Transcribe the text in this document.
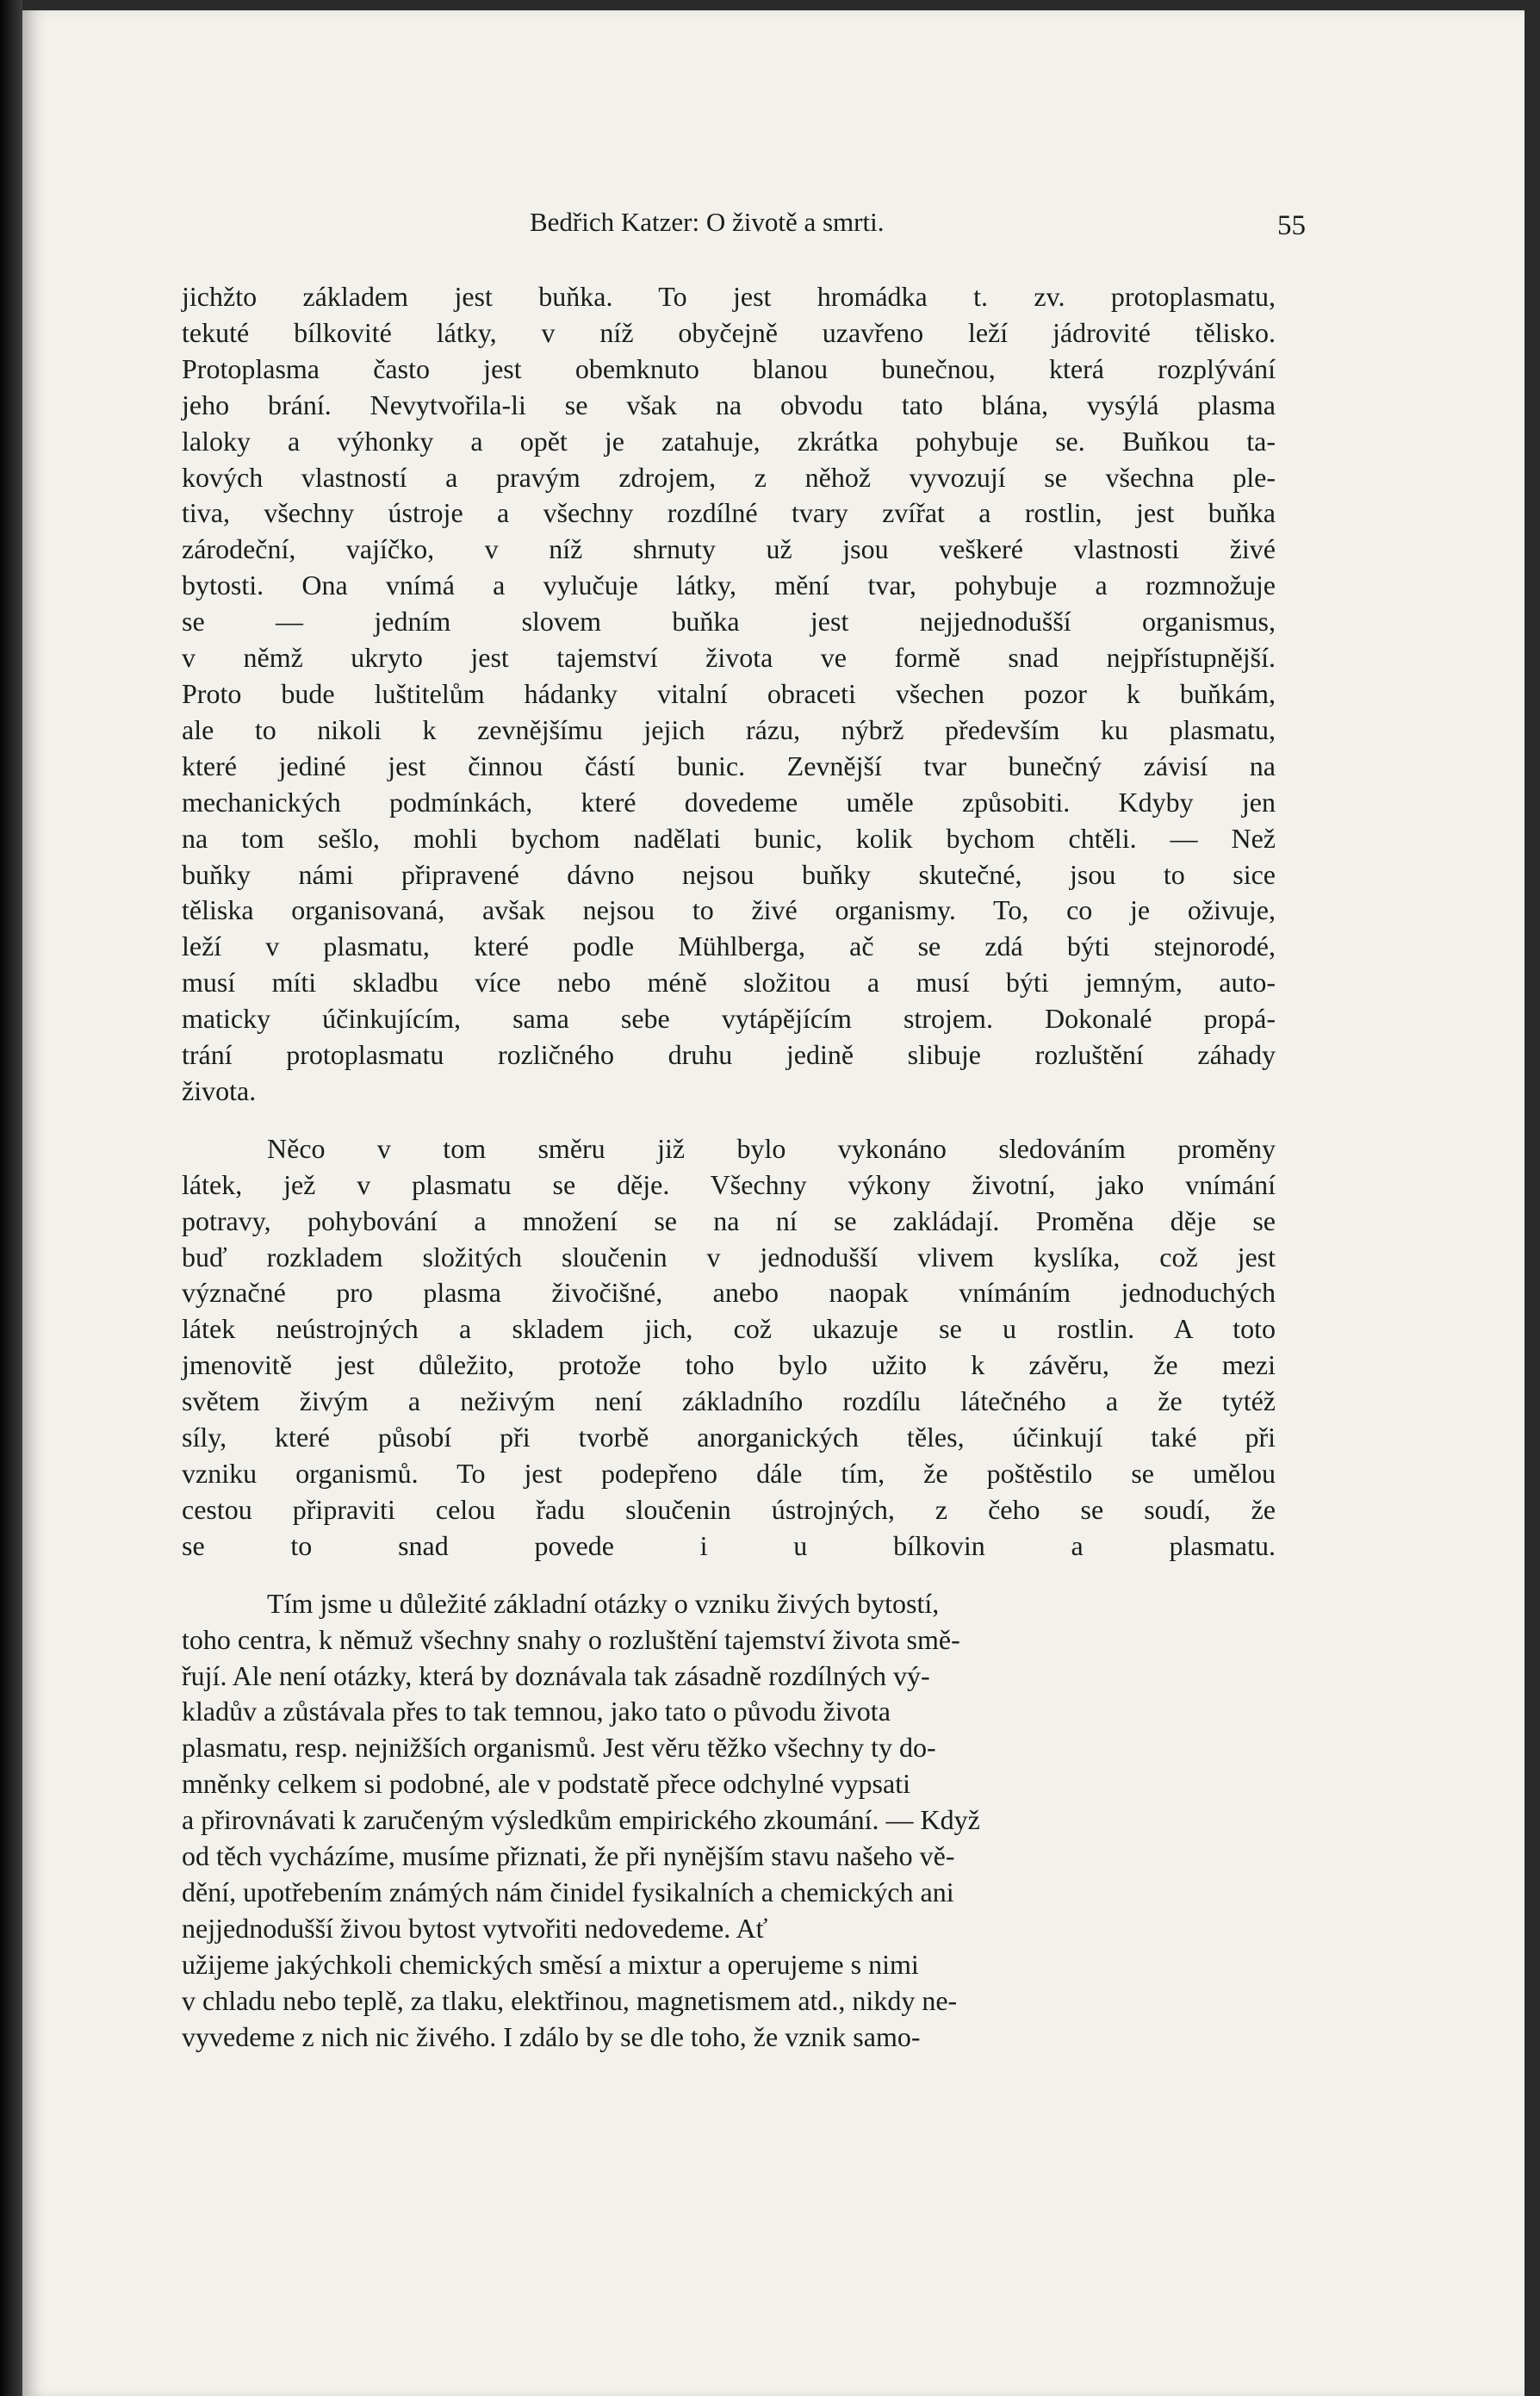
Bedřich Katzer: O životě a smrti.	55

jichžto základem jest buňka. To jest hromádka t. zv. protoplasmatu,
tekuté bílkovité látky, v níž obyčejně uzavřeno leží jádrovité tělisko.
Protoplasma často jest obemknuto blanou bunečnou, která rozplývání
jeho brání. Nevytvořila-li se však na obvodu tato blána, vysýlá plasma
laloky a výhonky a opět je zatahuje, zkrátka pohybuje se. Buňkou ta-
kových vlastností a pravým zdrojem, z něhož vyvozují se všechna ple-
tiva, všechny ústroje a všechny rozdílné tvary zvířat a rostlin, jest buňka
zárodeční, vajíčko, v níž shrnuty už jsou veškeré vlastnosti živé
bytosti. Ona vnímá a vylučuje látky, mění tvar, pohybuje a rozmnožuje
se — jedním slovem buňka jest nejjednodušší organismus,
v němž ukryto jest tajemství života ve formě snad nejpřístupnější.
Proto bude luštitelům hádanky vitalní obraceti všechen pozor k buňkám,
ale to nikoli k zevnějšímu jejich rázu, nýbrž především ku plasmatu,
které jediné jest činnou částí bunic. Zevnější tvar bunečný závisí na
mechanických podmínkách, které dovedeme uměle způsobiti. Kdyby jen
na tom sešlo, mohli bychom nadělati bunic, kolik bychom chtěli. — Než
buňky námi připravené dávno nejsou buňky skutečné, jsou to sice
těliska organisovaná, avšak nejsou to živé organismy. To, co je oživuje,
leží v plasmatu, které podle Mühlberga, ač se zdá býti stejnorodé,
musí míti skladbu více nebo méně složitou a musí býti jemným, auto-
maticky účinkujícím, sama sebe vytápějícím strojem. Dokonalé propá-
trání protoplasmatu rozličného druhu jedině slibuje rozluštění záhady
života.

Něco v tom směru již bylo vykonáno sledováním proměny
látek, jež v plasmatu se děje. Všechny výkony životní, jako vnímání
potravy, pohybování a množení se na ní se zakládají. Proměna děje se
buď rozkladem složitých sloučenin v jednodušší vlivem kyslíka, což jest
význačné pro plasma živočišné, anebo naopak vnímáním jednoduchých
látek neústrojných a skladem jich, což ukazuje se u rostlin. A toto
jmenovitě jest důležito, protože toho bylo užito k závěru, že mezi
světem živým a neživým není základního rozdílu látečného a že tytéž
síly, které působí při tvorbě anorganických těles, účinkují také při
vzniku organismů. To jest podepřeno dále tím, že poštěstilo se umělou
cestou připraviti celou řadu sloučenin ústrojných, z čeho se soudí, že
se to snad povede i u bílkovin a plasmatu.

Tím jsme u důležité základní otázky o vzniku živých bytostí,
toho centra, k němuž všechny snahy o rozluštění tajemství života smě-
řují. Ale není otázky, která by doznávala tak zásadně rozdílných vý-
kladův a zůstávala přes to tak temnou, jako tato o původu života
plasmatu, resp. nejnižších organismů. Jest věru těžko všechny ty do-
mněnky celkem si podobné, ale v podstatě přece odchylné vypsati
a přirovnávati k zaručeným výsledkům empirického zkoumání. — Když
od těch vycházíme, musíme přiznati, že při nynějším stavu našeho vě-
dění, upotřebením známých nám činidel fysikalních a chemických ani
nejjednodušší živou bytost vytvořiti nedovedeme. Ať
užijeme jakýchkoli chemických směsí a mixtur a operujeme s nimi
v chladu nebo teplě, za tlaku, elektřinou, magnetismem atd., nikdy ne-
vyvedeme z nich nic živého. I zdálo by se dle toho, že vznik samo-
